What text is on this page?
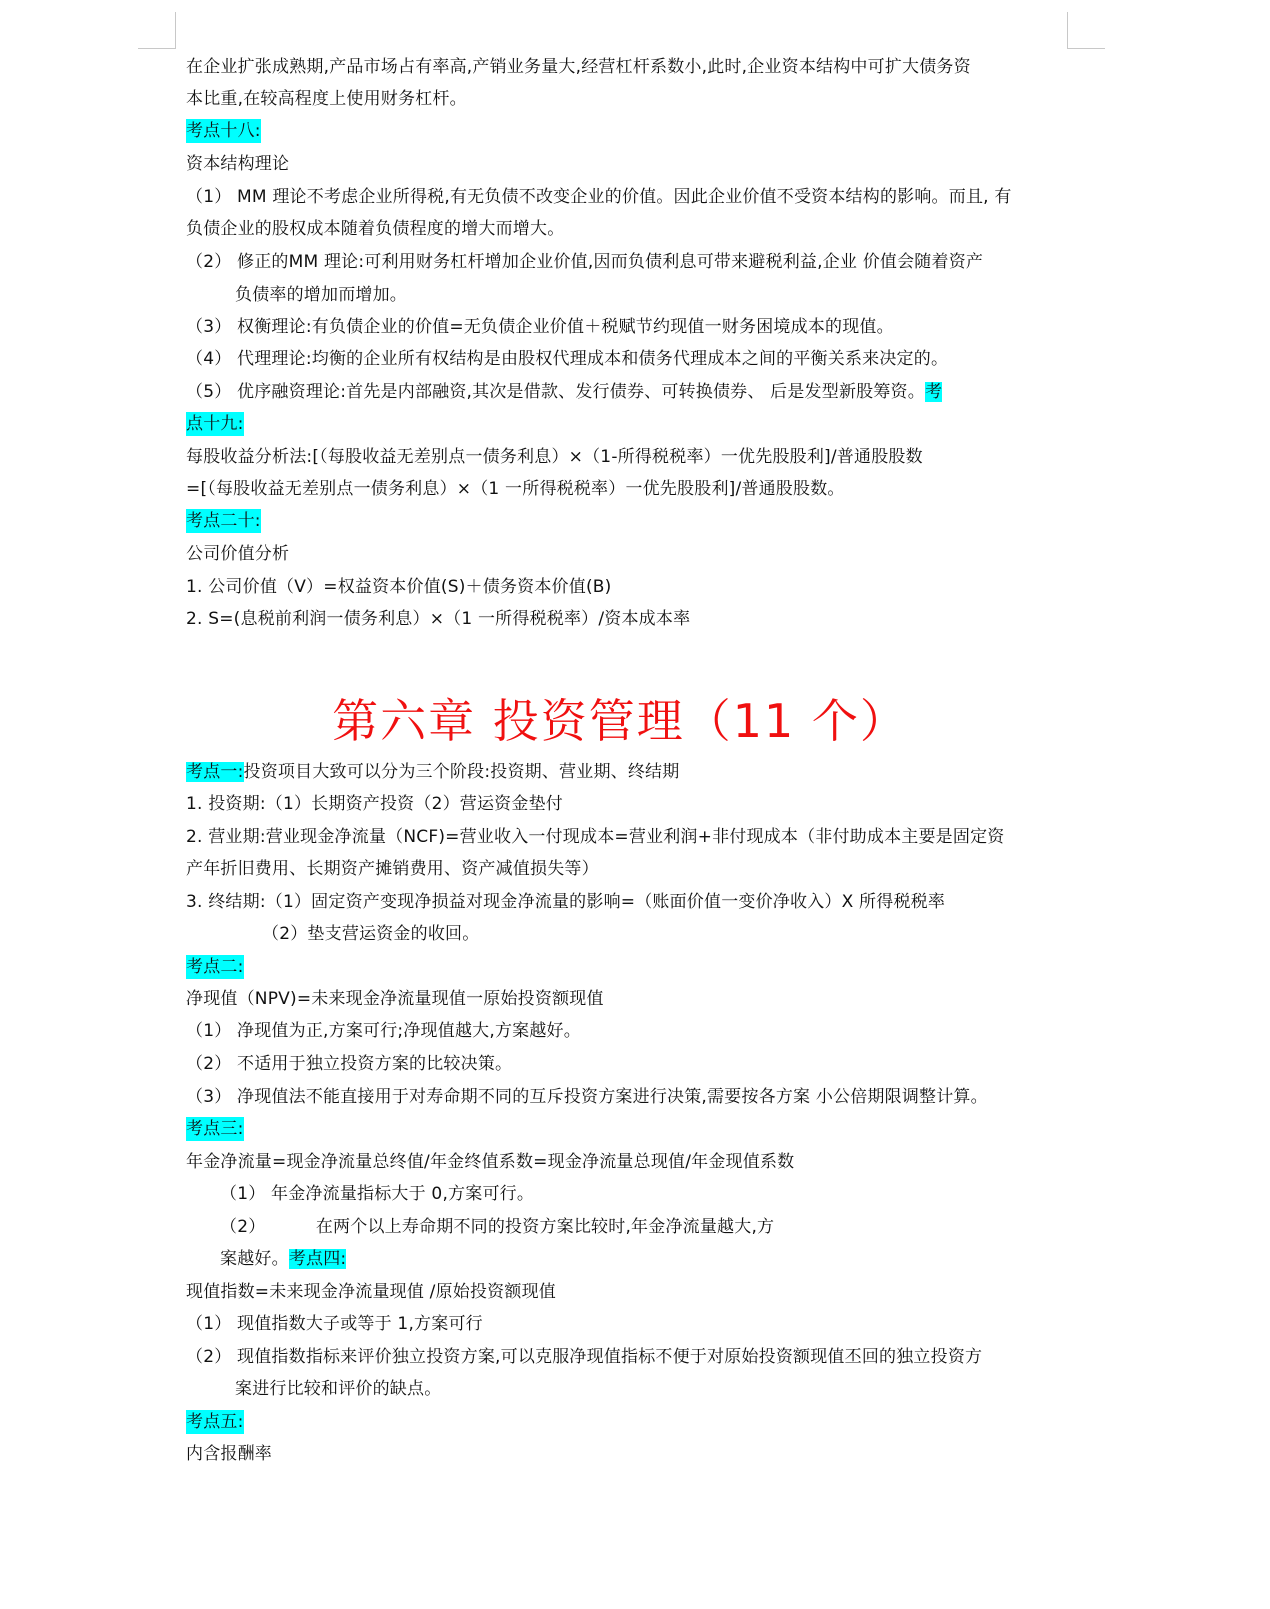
在企业扩张成熟期,产品市场占有率高,产销业务量大,经营杠杆系数小,此时,企业资本结构中可扩大债务资
本比重,在较高程度上使用财务杠杆。
考点十八:
资本结构理论
（1） MM 理论不考虑企业所得税,有无负债不改变企业的价值。因此企业价值不受资本结构的影响。而且, 有
负债企业的股权成本随着负债程度的增大而增大。
（2） 修正的MM 理论:可利用财务杠杆增加企业价值,因而负债利息可带来避税利益,企业 价值会随着资产
负债率的增加而增加。
（3） 权衡理论:有负债企业的价值=无负债企业价值＋税赋节约现值一财务困境成本的现值。
（4） 代理理论:均衡的企业所有权结构是由股权代理成本和债务代理成本之间的平衡关系来决定的。
（5） 优序融资理论:首先是内部融资,其次是借款、发行债券、可转换债券、 后是发型新股筹资。考
点十九:
每股收益分析法:[（每股收益无差别点一债务利息）×（1-所得税税率）一优先股股利]/普通股股数
=[（每股收益无差别点一债务利息）×（1 一所得税税率）一优先股股利]/普通股股数。
考点二十:
公司价值分析
1. 公司价值（V）=权益资本价值(S)＋债务资本价值(B)
2. S=(息税前利润一债务利息）×（1 一所得税税率）/资本成本率
第六章 投资管理（11 个）
考点一:投资项目大致可以分为三个阶段:投资期、营业期、终结期
1. 投资期:（1）长期资产投资（2）营运资金垫付
2. 营业期:营业现金净流量（NCF)=营业收入一付现成本=营业利润+非付现成本（非付助成本主要是固定资
产年折旧费用、长期资产摊销费用、资产减值损失等）
3. 终结期:（1）固定资产变现净损益对现金净流量的影响=（账面价值一变价净收入）X 所得税税率
（2）垫支营运资金的收回。
考点二:
净现值（NPV)=未来现金净流量现值一原始投资额现值
（1） 净现值为正,方案可行;净现值越大,方案越好。
（2） 不适用于独立投资方案的比较决策。
（3） 净现值法不能直接用于对寿命期不同的互斥投资方案进行决策,需要按各方案 小公倍期限调整计算。
考点三:
年金净流量=现金净流量总终值/年金终值系数=现金净流量总现值/年金现值系数
（1） 年金净流量指标大于 0,方案可行。
（2）         在两个以上寿命期不同的投资方案比较时,年金净流量越大,方
案越好。考点四:
现值指数=未来现金净流量现值 /原始投资额现值
（1） 现值指数大子或等于 1,方案可行
（2） 现值指数指标来评价独立投资方案,可以克服净现值指标不便于对原始投资额现值丕回的独立投资方
案进行比较和评价的缺点。
考点五:
内含报酬率
